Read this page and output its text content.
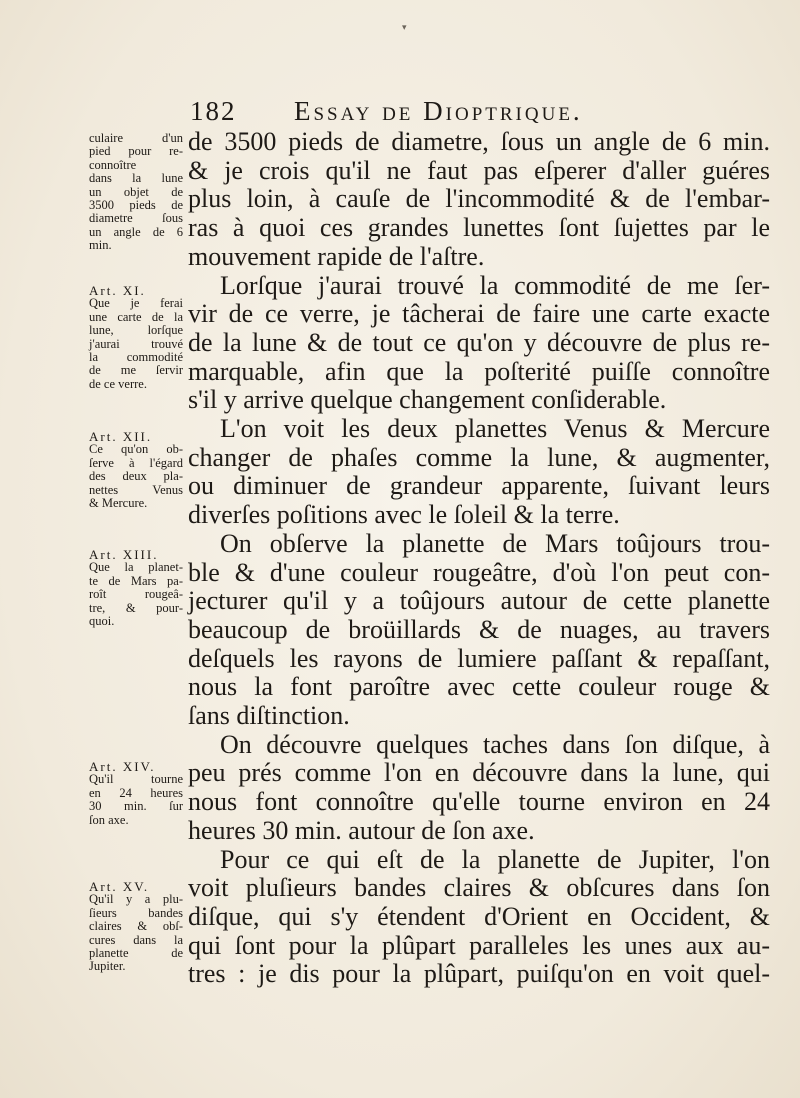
▾
182 Essay de Dioptrique.
de 3500 pieds de diametre, ſous un angle de 6 min.
& je crois qu'il ne faut pas eſperer d'aller guéres
plus loin, à cauſe de l'incommodité & de l'embar-
ras à quoi ces grandes lunettes ſont ſujettes par le
mouvement rapide de l'aſtre.
Lorſque j'aurai trouvé la commodité de me ſer-
vir de ce verre, je tâcherai de faire une carte exacte
de la lune & de tout ce qu'on y découvre de plus re-
marquable, afin que la poſterité puiſſe connoître
s'il y arrive quelque changement conſiderable.
L'on voit les deux planettes Venus & Mercure
changer de phaſes comme la lune, & augmenter,
ou diminuer de grandeur apparente, ſuivant leurs
diverſes poſitions avec le ſoleil & la terre.
On obſerve la planette de Mars toûjours trou-
ble & d'une couleur rougeâtre, d'où l'on peut con-
jecturer qu'il y a toûjours autour de cette planette
beaucoup de broüillards & de nuages, au travers
deſquels les rayons de lumiere paſſant & repaſſant,
nous la font paroître avec cette couleur rouge &
ſans diſtinction.
On découvre quelques taches dans ſon diſque, à
peu prés comme l'on en découvre dans la lune, qui
nous font connoître qu'elle tourne environ en 24
heures 30 min. autour de ſon axe.
Pour ce qui eſt de la planette de Jupiter, l'on
voit pluſieurs bandes claires & obſcures dans ſon
diſque, qui s'y étendent d'Orient en Occident, &
qui ſont pour la plûpart paralleles les unes aux au-
tres : je dis pour la plûpart, puiſqu'on en voit quel-
culaire d'un
pied pour re-
connoître
dans la lune
un objet de
3500 pieds de
diametre ſous
un angle de 6
min.
Art. XI.
Que je ferai
une carte de la
lune, lorſque
j'aurai trouvé
la commodité
de me ſervir
de ce verre.
Art. XII.
Ce qu'on ob-
ſerve à l'égard
des deux pla-
nettes Venus
& Mercure.
Art. XIII.
Que la planet-
te de Mars pa-
roît rougeâ-
tre, & pour-
quoi.
Art. XIV.
Qu'il tourne
en 24 heures
30 min. ſur
ſon axe.
Art. XV.
Qu'il y a plu-
ſieurs bandes
claires & obſ-
cures dans la
planette de
Jupiter.
